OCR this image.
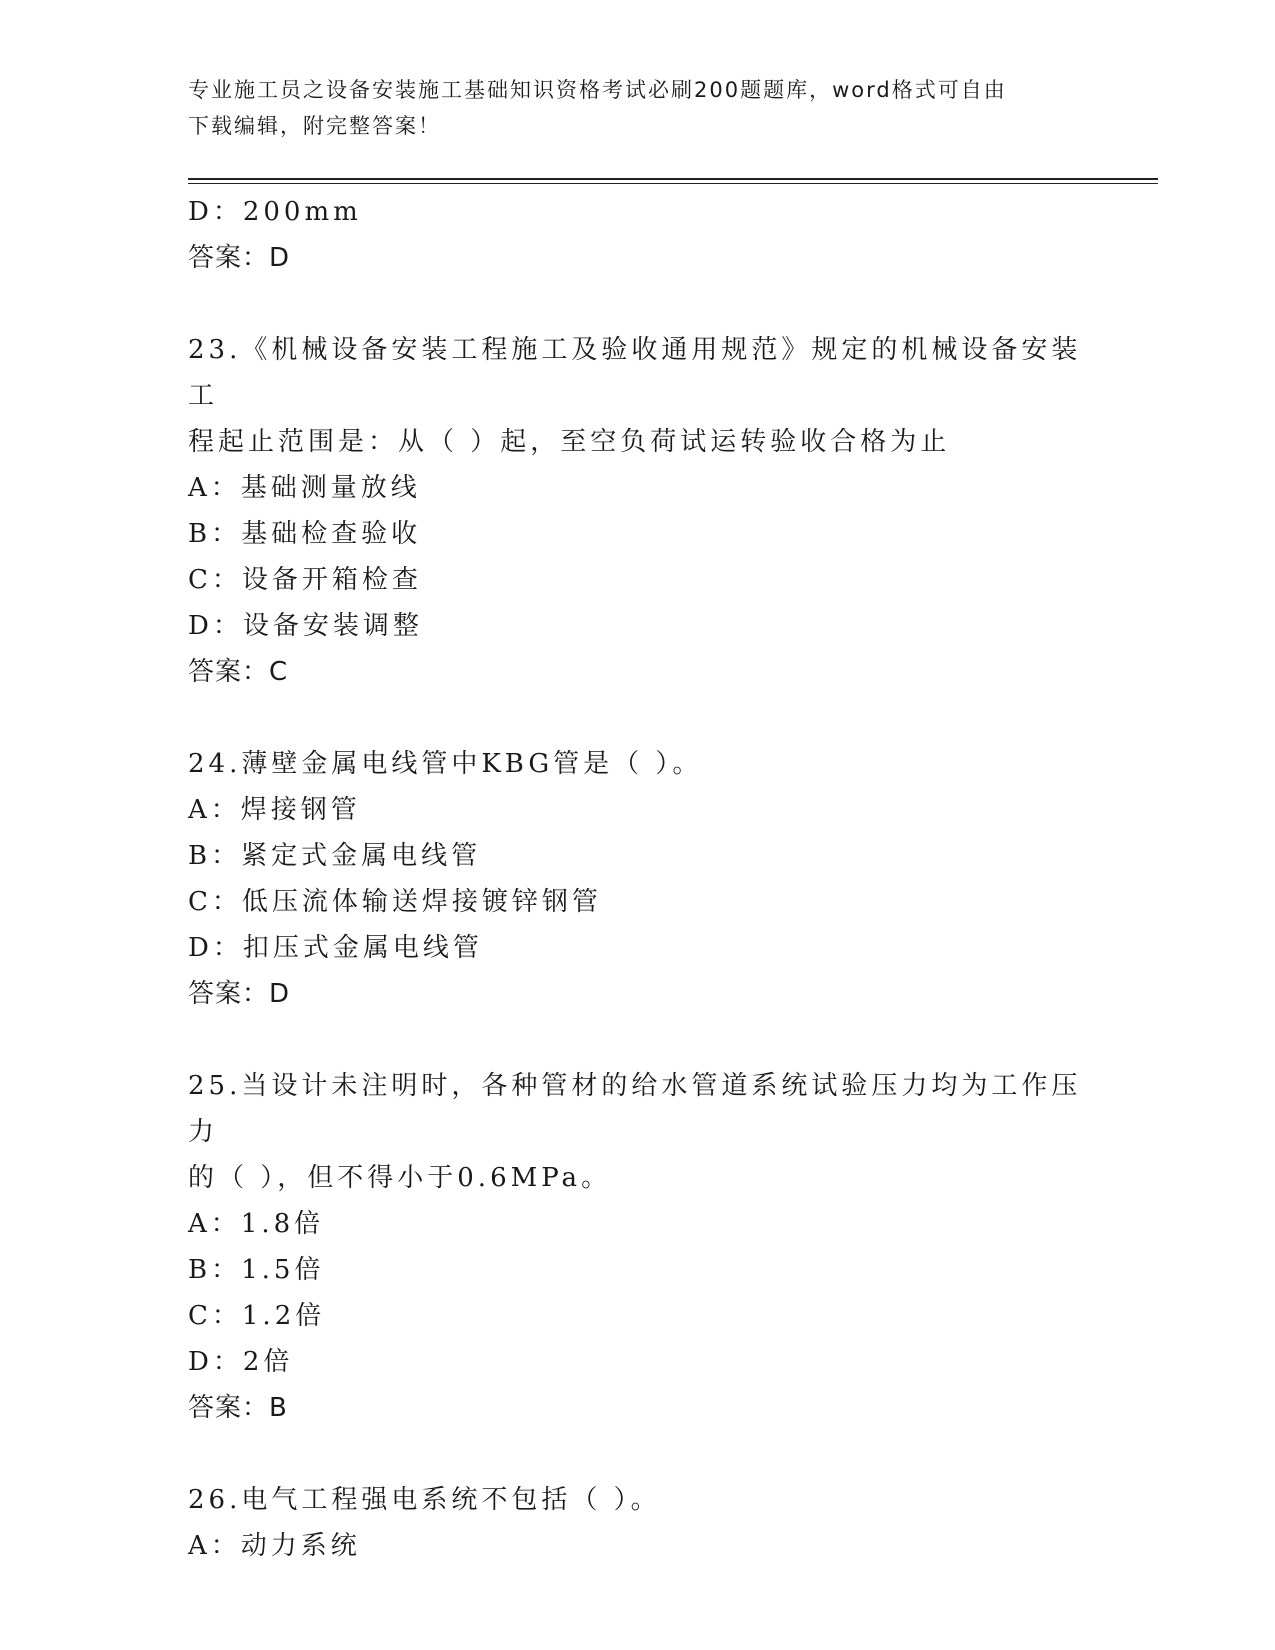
专业施工员之设备安装施工基础知识资格考试必刷200题题库，word格式可自由
下载编辑，附完整答案！
D：200mm
答案：D
23.《机械设备安装工程施工及验收通用规范》规定的机械设备安装工
程起止范围是：从（ ）起，至空负荷试运转验收合格为止
A：基础测量放线
B：基础检查验收
C：设备开箱检查
D：设备安装调整
答案：C
24.薄壁金属电线管中KBG管是（ ）。
A：焊接钢管
B：紧定式金属电线管
C：低压流体输送焊接镀锌钢管
D：扣压式金属电线管
答案：D
25.当设计未注明时，各种管材的给水管道系统试验压力均为工作压力
的（ ），但不得小于0.6MPa。
A：1.8倍
B：1.5倍
C：1.2倍
D：2倍
答案：B
26.电气工程强电系统不包括（ ）。
A：动力系统
